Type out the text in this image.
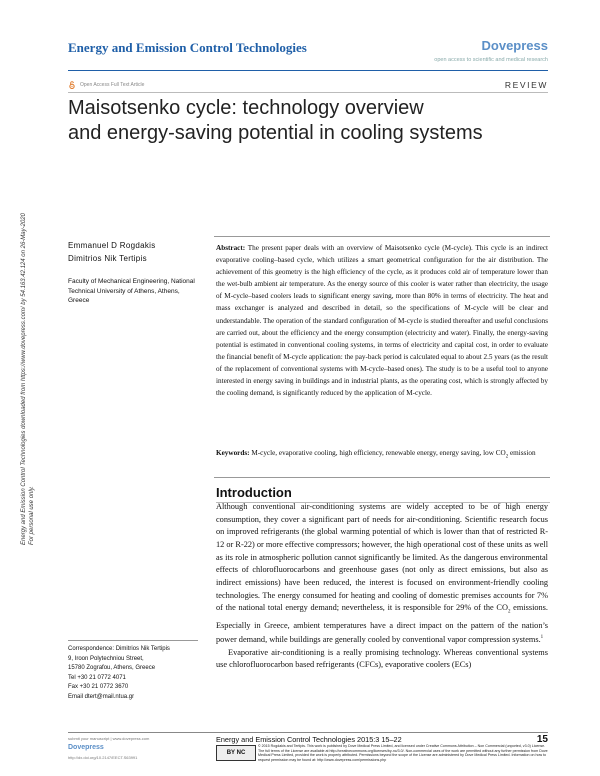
Energy and Emission Control Technologies	Dovepress
open access to scientific and medical research
Open Access Full Text Article	REVIEW
Maisotsenko cycle: technology overview
and energy-saving potential in cooling systems
Energy and Emission Control Technologies downloaded from https://www.dovepress.com/ by 54.163.42.124 on 26-May-2020 For personal use only.
Emmanuel D Rogdakis
Dimitrios Nik Tertipis
Faculty of Mechanical Engineering, National Technical University of Athens, Athens, Greece
Abstract: The present paper deals with an overview of Maisotsenko cycle (M-cycle). This cycle is an indirect evaporative cooling–based cycle, which utilizes a smart geometrical configuration for the air distribution. The achievement of this geometry is the high efficiency of the cycle, as it produces cold air of temperature lower than the wet-bulb ambient air temperature. As the energy source of this cooler is water rather than electricity, the usage of M-cycle–based coolers leads to significant energy saving, more than 80% in terms of electricity. The heat and mass exchanger is analyzed and described in detail, so the specifications of M-cycle will be clear and understandable. The operation of the standard configuration of M-cycle is studied thereafter and useful conclusions are carried out, about the efficiency and the energy consumption (electricity and water). Finally, the energy-saving potential is estimated in conventional cooling systems, in terms of electricity and capital cost, in order to evaluate the financial benefit of M-cycle application: the pay-back period is calculated equal to about 2.5 years (as the result of the replacement of conventional systems with M-cycle–based ones). The study is to be a useful tool to anyone interested in energy saving in buildings and in industrial plants, as the operating cost, which is strongly affected by the cooling demand, is significantly reduced by the application of M-cycle.
Keywords: M-cycle, evaporative cooling, high efficiency, renewable energy, energy saving, low $CO_2$ emission
Introduction

Although conventional air-conditioning systems are widely accepted to be of high energy consumption, they cover a significant part of needs for air-conditioning. Scientific research focus on improved refrigerants (the global warming potential of which is lower than that of restricted R-12 or R-22) or more effective compressors; however, the high operational cost of these units as well as its role in atmospheric pollution cannot significantly be limited. As the dangerous environmental effects of chlorofluorocarbons and greenhouse gases (not only as direct emissions, but also as indirect emissions) have been reduced, the interest is focused on environment-friendly cooling technologies. The energy consumed for heating and cooling of domestic premises accounts for 7% of the national total energy demand; nevertheless, it is responsible for 29% of the $CO_2$ emissions. Especially in Greece, ambient temperatures have a direct impact on the pattern of the nation’s power demand, while buildings are generally cooled by conventional vapor compression systems.$^1$

Evaporative air-conditioning is a really promising technology. Whereas conventional systems use chlorofluorocarbon based refrigerants (CFCs), evaporative coolers (ECs)

Correspondence: Dimitrios Nik Tertipis
9, Iroon Polytechniou Street,
15780 Zografou, Athens, Greece
Tel +30 21 0772 4071
Fax +30 21 0772 3670
Email dtert@mail.ntua.gr
submit your manuscript | www.dovepress.com
Dovepress
http://dx.doi.org/10.2147/EECT.S63991
Energy and Emission Control Technologies 2015:3 15–22	15
BY NC
© 2015 Rogdakis and Tertipis. This work is published by Dove Medical Press Limited, and licensed under Creative Commons Attribution – Non Commercial (unported, v3.0) License. The full terms of the License are available at http://creativecommons.org/licenses/by-nc/3.0/. Non-commercial uses of the work are permitted without any further permission from Dove Medical Press Limited, provided the work is properly attributed. Permissions beyond the scope of the License are administered by Dove Medical Press Limited. Information on how to request permission may be found at: http://www.dovepress.com/permissions.php
